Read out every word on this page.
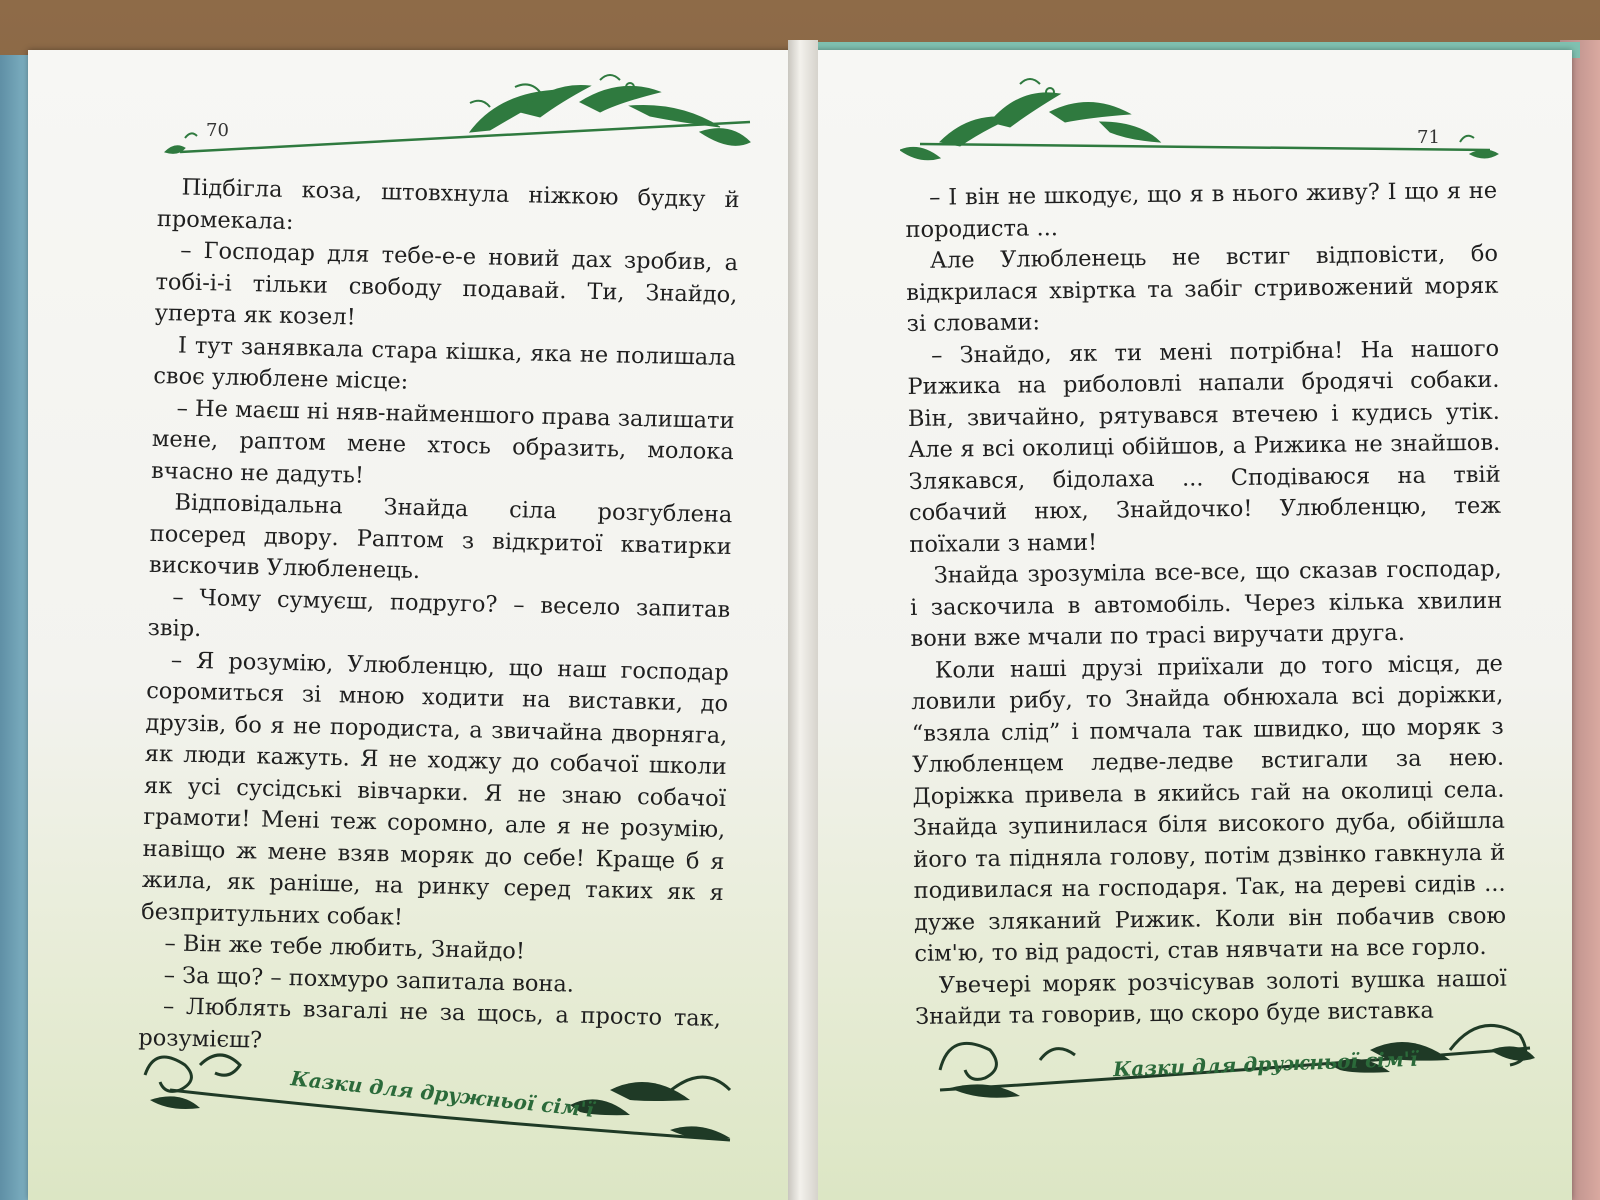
70	71

Підбігла коза, штовхнула ніжкою будку й промекала:

– Господар для тебе-е-е новий дах зробив, а тобі-і-і тільки свободу подавай. Ти, Знайдо, уперта як козел!

І тут занявкала стара кішка, яка не полишала своє улюблене місце:

– Не маєш ні няв-найменшого права залишати мене, раптом мене хтось образить, молока вчасно не дадуть!

Відповідальна Знайда сіла розгублена посеред двору. Раптом з відкритої кватирки вискочив Улюбленець.

– Чому сумуєш, подруго? – весело запитав звір.

– Я розумію, Улюбленцю, що наш господар соромиться зі мною ходити на виставки, до друзів, бо я не породиста, а звичайна дворняга, як люди кажуть. Я не ходжу до собачої школи як усі сусідські вівчарки. Я не знаю собачої грамоти! Мені теж соромно, але я не розумію, навіщо ж мене взяв моряк до себе! Краще б я жила, як раніше, на ринку серед таких як я безпритульних собак!

– Він же тебе любить, Знайдо!

– За що? – похмуро запитала вона.

– Люблять взагалі не за щось, а просто так, розумієш?

– І він не шкодує, що я в нього живу? І що я не породиста ...

Але Улюбленець не встиг відповісти, бо відкрилася хвіртка та забіг стривожений моряк зі словами:

– Знайдо, як ти мені потрібна! На нашого Рижика на риболовлі напали бродячі собаки. Він, звичайно, рятувався втечею і кудись утік. Але я всі околиці обійшов, а Рижика не знайшов. Злякався, бідолаха ... Сподіваюся на твій собачий нюх, Знайдочко! Улюбленцю, теж поїхали з нами!

Знайда зрозуміла все-все, що сказав господар, і заскочила в автомобіль. Через кілька хвилин вони вже мчали по трасі виручати друга.

Коли наші друзі приїхали до того місця, де ловили рибу, то Знайда обнюхала всі доріжки, “взяла слід” і помчала так швидко, що моряк з Улюбленцем ледве-ледве встигали за нею. Доріжка привела в якийсь гай на околиці села. Знайда зупинилася біля високого дуба, обійшла його та підняла голову, потім дзвінко гавкнула й подивилася на господаря. Так, на дереві сидів ... дуже зляканий Рижик. Коли він побачив свою сім'ю, то від радості, став нявчати на все горло.

Увечері моряк розчісував золоті вушка нашої Знайди та говорив, що скоро буде виставка

Казки для дружньої сім'ї
Казки для дружньої сім'ї
